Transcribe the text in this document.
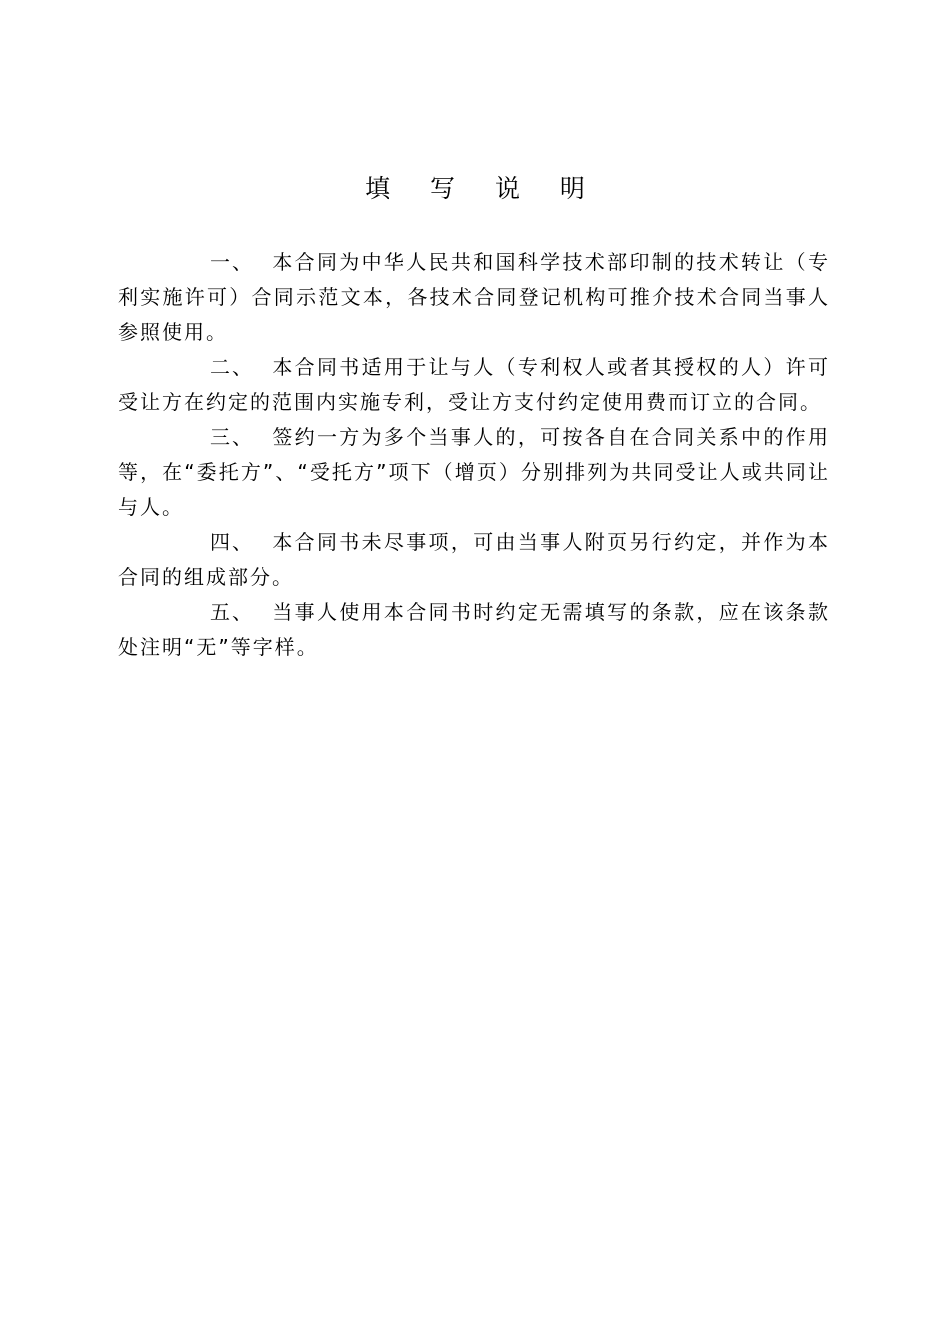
填 写 说 明

一、 本合同为中华人民共和国科学技术部印制的技术转让（专利实施许可）合同示范文本，各技术合同登记机构可推介技术合同当事人参照使用。

二、 本合同书适用于让与人（专利权人或者其授权的人）许可受让方在约定的范围内实施专利，受让方支付约定使用费而订立的合同。

三、 签约一方为多个当事人的，可按各自在合同关系中的作用等，在“委托方”、“受托方”项下（增页）分别排列为共同受让人或共同让与人。

四、 本合同书未尽事项，可由当事人附页另行约定，并作为本合同的组成部分。

五、 当事人使用本合同书时约定无需填写的条款，应在该条款处注明“无”等字样。
